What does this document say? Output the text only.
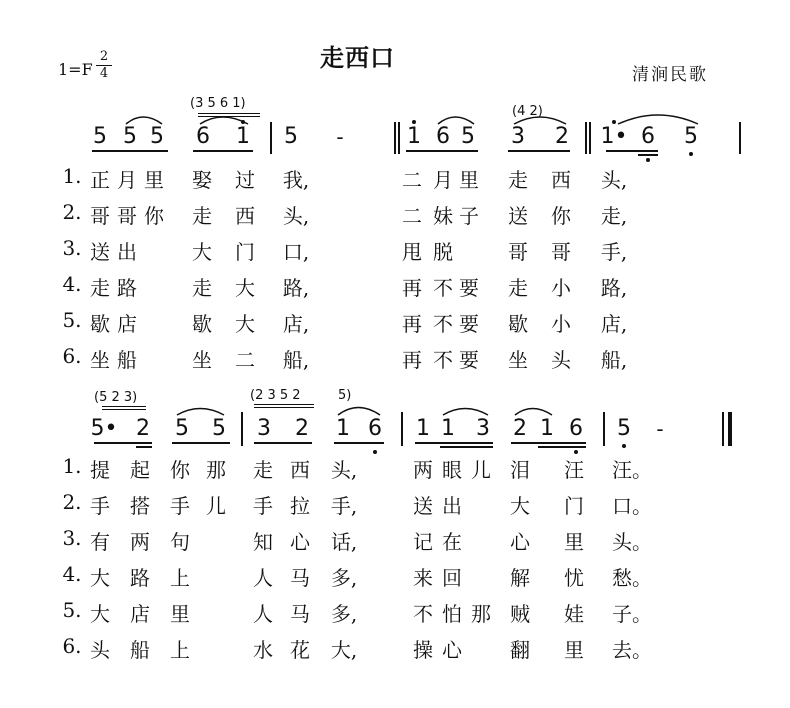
走西口
1=F
2
4	清涧民歌
(3 5 6 1)
(4 2)
5 5 5 6 1 5 -	1 6 5 3 2 1• 6 5
1. 正 月 里 娶 过 我,	二 月 里 走 西 头,
2. 哥 哥 你 走 西 头,	二 妹 子 送 你 走,
3. 送 出	大 门 口,	甩 脱	哥 哥 手,
4. 走 路	走 大 路,	再 不 要 走 小 路,
5. 歇 店	歇 大 店,	再 不 要 歇 小 店,
6. 坐 船	坐 二 船,	再 不 要 坐 头 船,
(5 2 3)	(2 3 5 2	5)
5• 2 5 5 3 2 1 6 1 1 3 2 1 6 5 -
1. 提 起 你 那 走 西 头,	两 眼 儿 泪 汪 汪。
2. 手 搭 手 儿 手 拉 手,	送 出 大 门 口。
3. 有 两 句	知 心 话,	记 在 心 里 头。
4. 大 路 上	人 马 多,	来 回 解 忧 愁。
5. 大 店 里	人 马 多,	不 怕 那 贼 娃 子。
6. 头 船 上	水 花 大,	操 心 翻 里 去。
